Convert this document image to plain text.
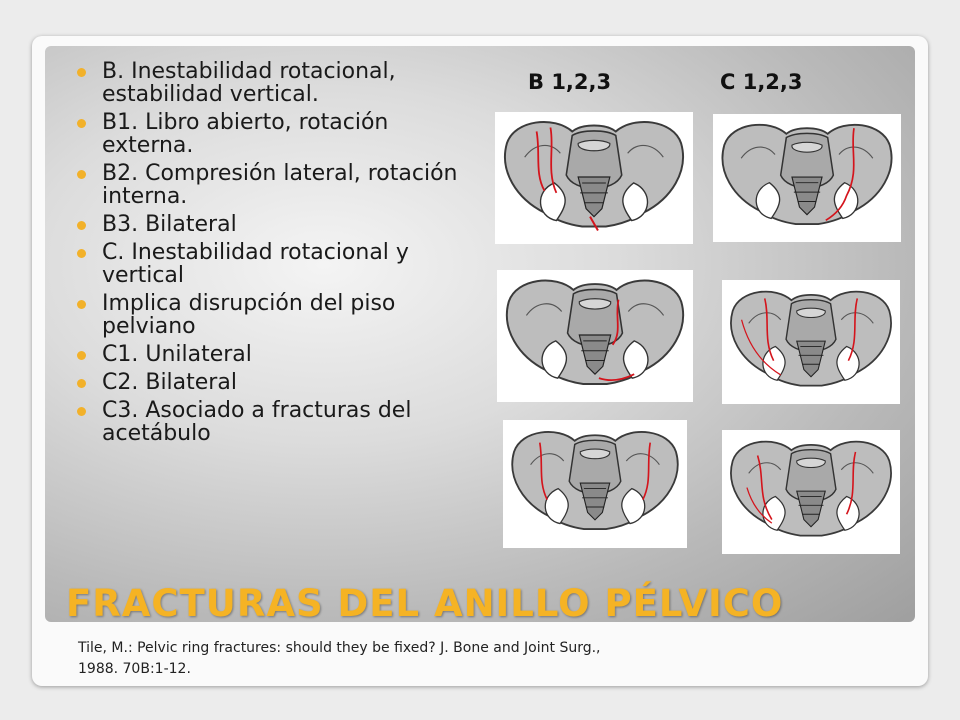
B. Inestabilidad rotacional, estabilidad vertical.
B1. Libro abierto, rotación externa.
B2. Compresión lateral, rotación interna.
B3. Bilateral
C. Inestabilidad rotacional y vertical
Implica disrupción del piso pelviano
C1. Unilateral
C2. Bilateral
C3. Asociado a fracturas del acetábulo
B 1,2,3	C 1,2,3
FRACTURAS DEL ANILLO PÉLVICO
Tile, M.: Pelvic ring fractures: should they be fixed? J. Bone and Joint Surg., 1988. 70B:1-12.
